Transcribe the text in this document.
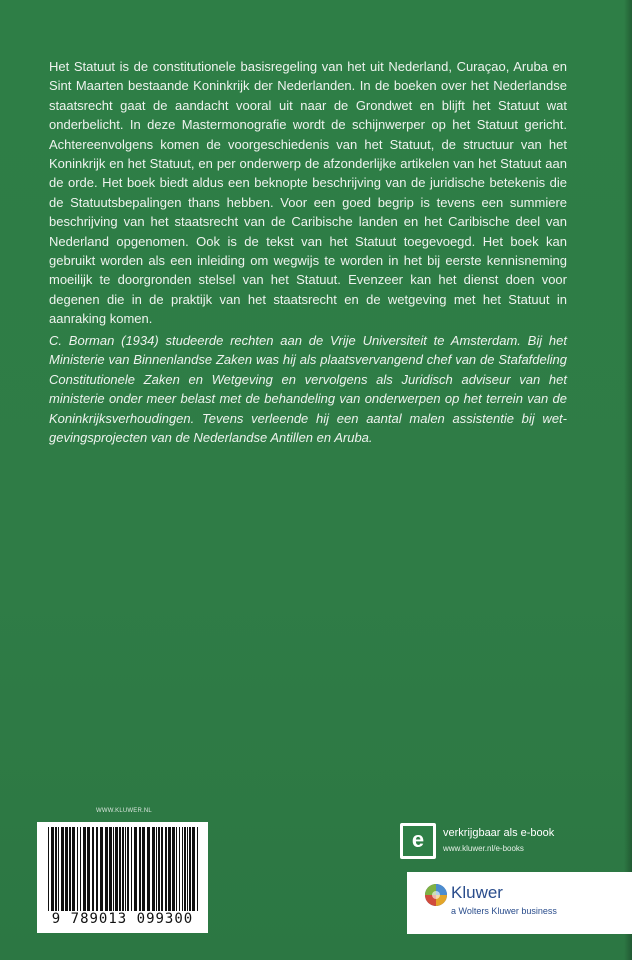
Het Statuut is de constitutionele basisregeling van het uit Nederland, Curaçao, Aruba en Sint Maarten bestaande Koninkrijk der Nederlanden. In de boeken over het Nederlandse staatsrecht gaat de aandacht vooral uit naar de Grondwet en blijft het Statuut wat onderbelicht. In deze Mastermonografie wordt de schijnwerper op het Statuut gericht. Achtereenvolgens komen de voorgeschiedenis van het Statuut, de structuur van het Koninkrijk en het Statuut, en per onderwerp de afzonderlijke artikelen van het Statuut aan de orde. Het boek biedt aldus een beknopte beschrijving van de juridische betekenis die de Statuutsbepalingen thans hebben. Voor een goed begrip is tevens een summiere beschrijving van het staatsrecht van de Caribische landen en het Caribische deel van Nederland opgenomen. Ook is de tekst van het Statuut toegevoegd. Het boek kan gebruikt worden als een inleiding om wegwijs te worden in het bij eerste kennisneming moeilijk te doorgronden stelsel van het Statuut. Evenzeer kan het dienst doen voor degenen die in de praktijk van het staatsrecht en de wetgeving met het Statuut in aanraking komen.

C. Borman (1934) studeerde rechten aan de Vrije Universiteit te Amsterdam. Bij het Ministerie van Binnenlandse Zaken was hij als plaatsvervangend chef van de Stafafdeling Constitutionele Zaken en Wetgeving en vervolgens als Juridisch adviseur van het ministerie onder meer belast met de behandeling van onderwerpen op het terrein van de Koninkrijksverhoudingen. Tevens verleende hij een aantal malen assistentie bij wet-gevingsprojecten van de Nederlandse Antillen en Aruba.

WWW.KLUWER.NL
9 789013 099300
e verkrijgbaar als e-book
www.kluwer.nl/e-books
Kluwer
a Wolters Kluwer business
